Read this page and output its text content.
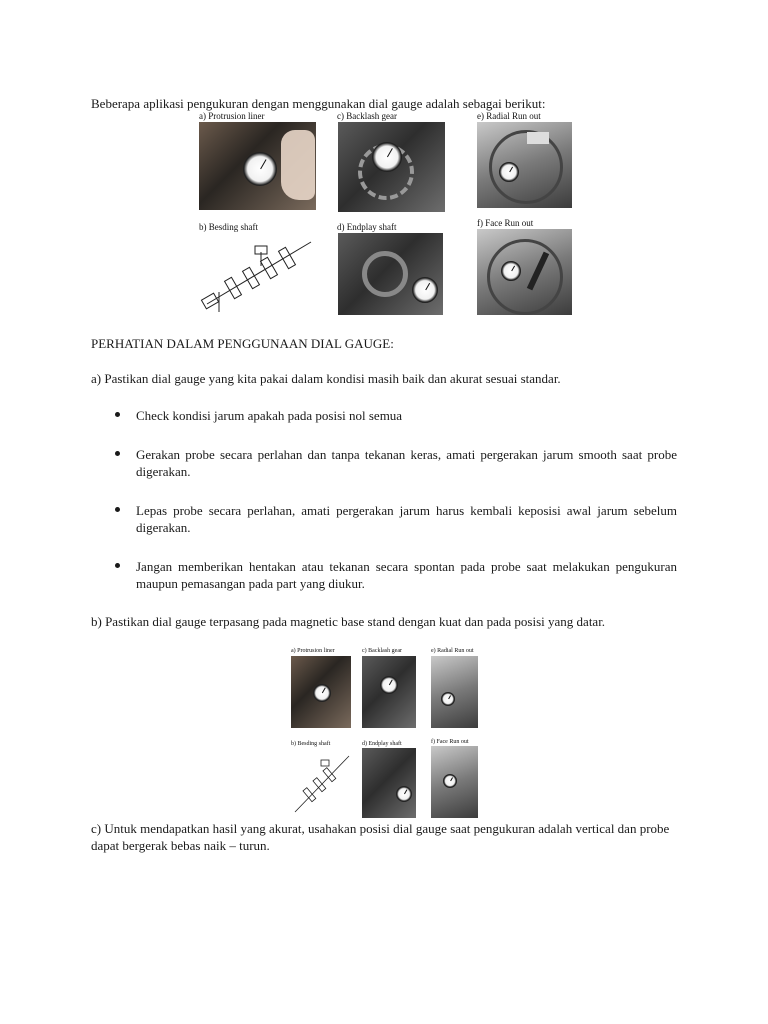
Beberapa aplikasi pengukuran dengan menggunakan dial gauge adalah sebagai berikut:
a) Protrusion liner	c) Backlash gear	e) Radial Run out
b) Besding shaft	d) Endplay shaft	f) Face Run out
PERHATIAN DALAM PENGGUNAAN DIAL GAUGE:
a) Pastikan dial gauge yang kita pakai dalam kondisi masih baik dan akurat sesuai standar.
Check kondisi jarum apakah pada posisi nol semua
Gerakan probe secara perlahan dan tanpa tekanan keras, amati pergerakan jarum smooth saat probe digerakan.
Lepas probe secara perlahan, amati pergerakan jarum harus kembali keposisi awal jarum sebelum digerakan.
Jangan memberikan hentakan atau tekanan secara spontan pada probe saat melakukan pengukuran maupun pemasangan pada part yang diukur.
b) Pastikan dial gauge terpasang pada magnetic base stand dengan kuat dan pada posisi yang datar.
a) Protrusion liner	c) Backlash gear	e) Radial Run out
b) Besding shaft	d) Endplay shaft	f) Face Run out
c) Untuk mendapatkan hasil yang akurat, usahakan posisi dial gauge saat pengukuran adalah vertical dan probe dapat bergerak bebas naik – turun.
